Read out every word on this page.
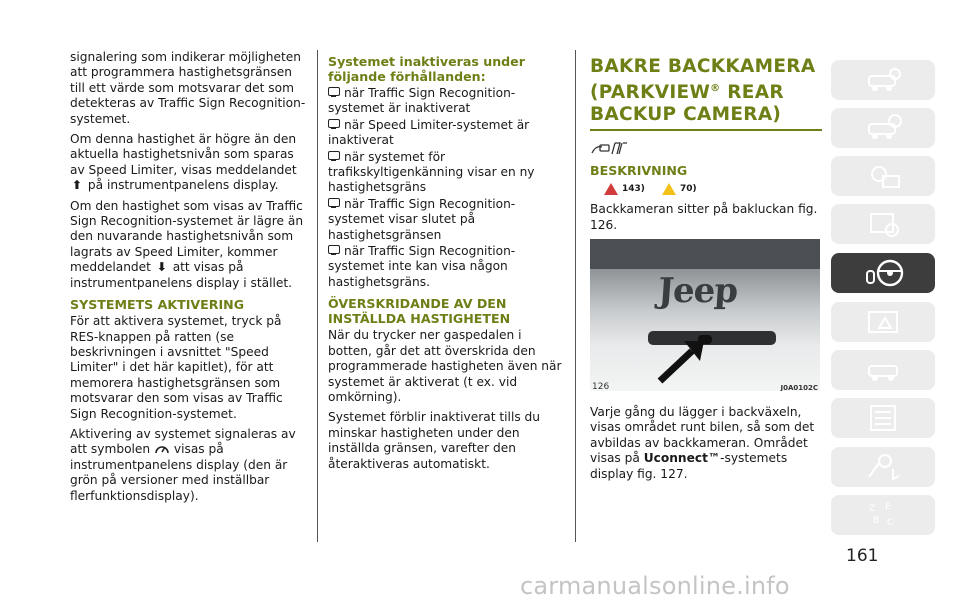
signalering som indikerar möjligheten att programmera hastighetsgränsen till ett värde som motsvarar det som detekteras av Traffic Sign Recognition-systemet.

Om denna hastighet är högre än den aktuella hastighetsnivån som sparas av Speed Limiter, visas meddelandet ⬆ på instrumentpanelens display.

Om den hastighet som visas av Traffic Sign Recognition-systemet är lägre än den nuvarande hastighetsnivån som lagrats av Speed Limiter, kommer meddelandet ⬇ att visas på instrumentpanelens display i stället.

SYSTEMETS AKTIVERING

För att aktivera systemet, tryck på RES-knappen på ratten (se beskrivningen i avsnittet "Speed Limiter" i det här kapitlet), för att memorera hastighetsgränsen som motsvarar den som visas av Traffic Sign Recognition-systemet.

Aktivering av systemet signaleras av att symbolen visas på instrumentpanelens display (den är grön på versioner med inställbar flerfunktionsdisplay).

Systemet inaktiveras under följande förhållanden:

när Traffic Sign Recognition-systemet är inaktiverat

när Speed Limiter-systemet är inaktiverat

när systemet för trafikskyltigenkänning visar en ny hastighetsgräns

när Traffic Sign Recognition-systemet visar slutet på hastighetsgränsen

när Traffic Sign Recognition-systemet inte kan visa någon hastighetsgräns.

ÖVERSKRIDANDE AV DEN INSTÄLLDA HASTIGHETEN

När du trycker ner gaspedalen i botten, går det att överskrida den programmerade hastigheten även när systemet är aktiverat (t ex. vid omkörning).

Systemet förblir inaktiverat tills du minskar hastigheten under den inställda gränsen, varefter den återaktiveras automatiskt.

BAKRE BACKKAMERA
(PARKVIEW® REAR
BACKUP CAMERA)
BESKRIVNING
143)
	70)

Backkameran sitter på bakluckan fig. 126.

Jeep
126	J0A0102C

Varje gång du lägger i backväxeln, visas området runt bilen, så som det avbildas av backkameran. Området visas på Uconnect™-systemets display fig. 127.

Z E
B C
161
carmanualsonline.info
